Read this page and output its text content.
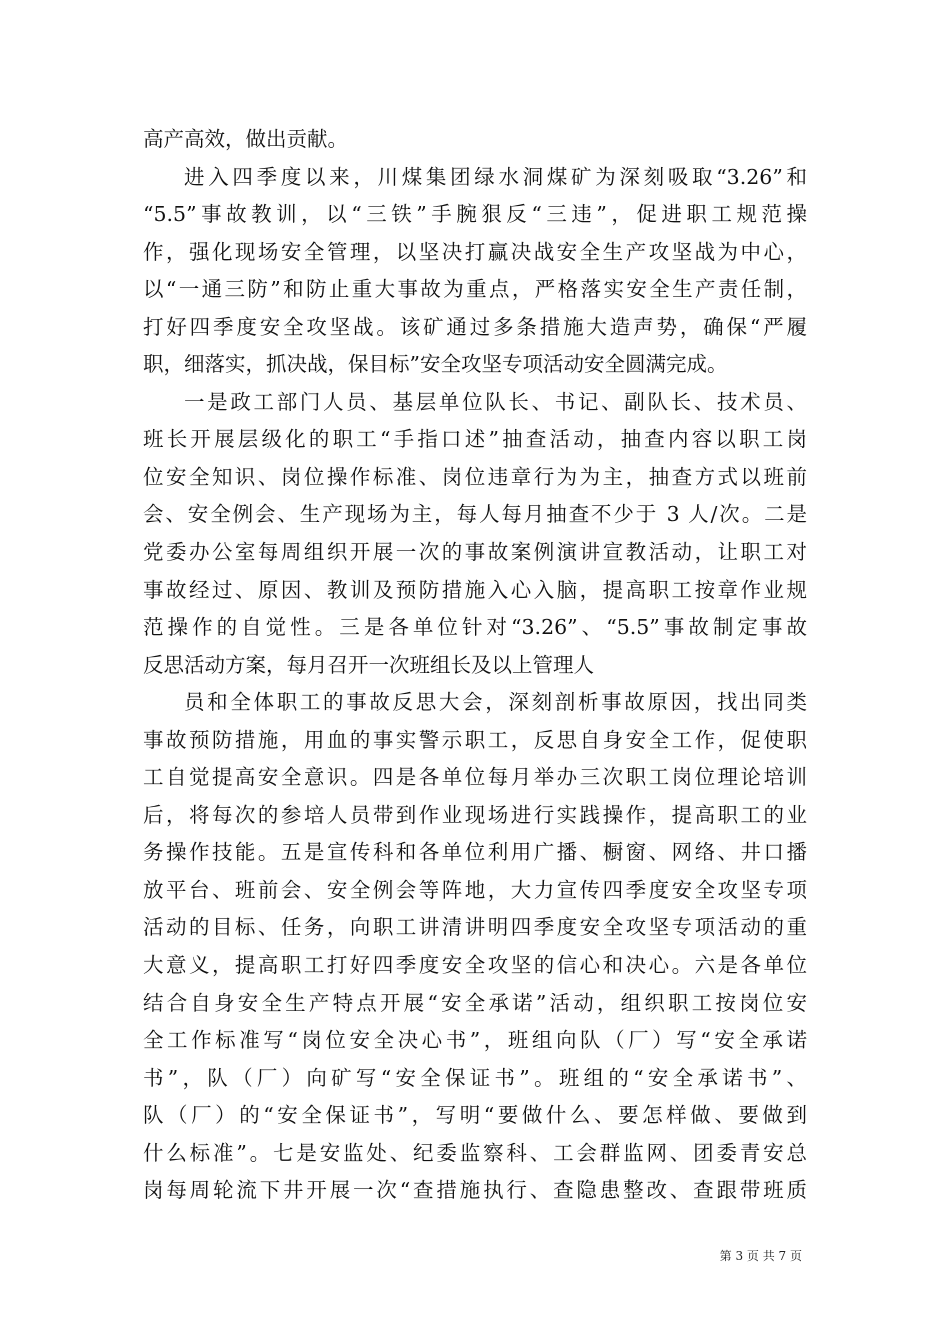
高产高效，做出贡献。
进入四季度以来，川煤集团绿水洞煤矿为深刻吸取“3.26”和
“5.5”事故教训，以“三铁”手腕狠反“三违”，促进职工规范操
作，强化现场安全管理，以坚决打赢决战安全生产攻坚战为中心，
以“一通三防”和防止重大事故为重点，严格落实安全生产责任制，
打好四季度安全攻坚战。该矿通过多条措施大造声势，确保“严履
职，细落实，抓决战，保目标”安全攻坚专项活动安全圆满完成。
一是政工部门人员、基层单位队长、书记、副队长、技术员、
班长开展层级化的职工“手指口述”抽查活动，抽查内容以职工岗
位安全知识、岗位操作标准、岗位违章行为为主，抽查方式以班前
会、安全例会、生产现场为主，每人每月抽查不少于 3 人/次。二是
党委办公室每周组织开展一次的事故案例演讲宣教活动，让职工对
事故经过、原因、教训及预防措施入心入脑，提高职工按章作业规
范操作的自觉性。三是各单位针对“3.26”、“5.5”事故制定事故
反思活动方案，每月召开一次班组长及以上管理人
员和全体职工的事故反思大会，深刻剖析事故原因，找出同类
事故预防措施，用血的事实警示职工，反思自身安全工作，促使职
工自觉提高安全意识。四是各单位每月举办三次职工岗位理论培训
后，将每次的参培人员带到作业现场进行实践操作，提高职工的业
务操作技能。五是宣传科和各单位利用广播、橱窗、网络、井口播
放平台、班前会、安全例会等阵地，大力宣传四季度安全攻坚专项
活动的目标、任务，向职工讲清讲明四季度安全攻坚专项活动的重
大意义，提高职工打好四季度安全攻坚的信心和决心。六是各单位
结合自身安全生产特点开展“安全承诺”活动，组织职工按岗位安
全工作标准写“岗位安全决心书”，班组向队（厂）写“安全承诺
书”，队（厂）向矿写“安全保证书”。班组的“安全承诺书”、
队（厂）的“安全保证书”，写明“要做什么、要怎样做、要做到
什么标准”。七是安监处、纪委监察科、工会群监网、团委青安总
岗每周轮流下井开展一次“查措施执行、查隐患整改、查跟带班质
第 3 页 共 7 页
